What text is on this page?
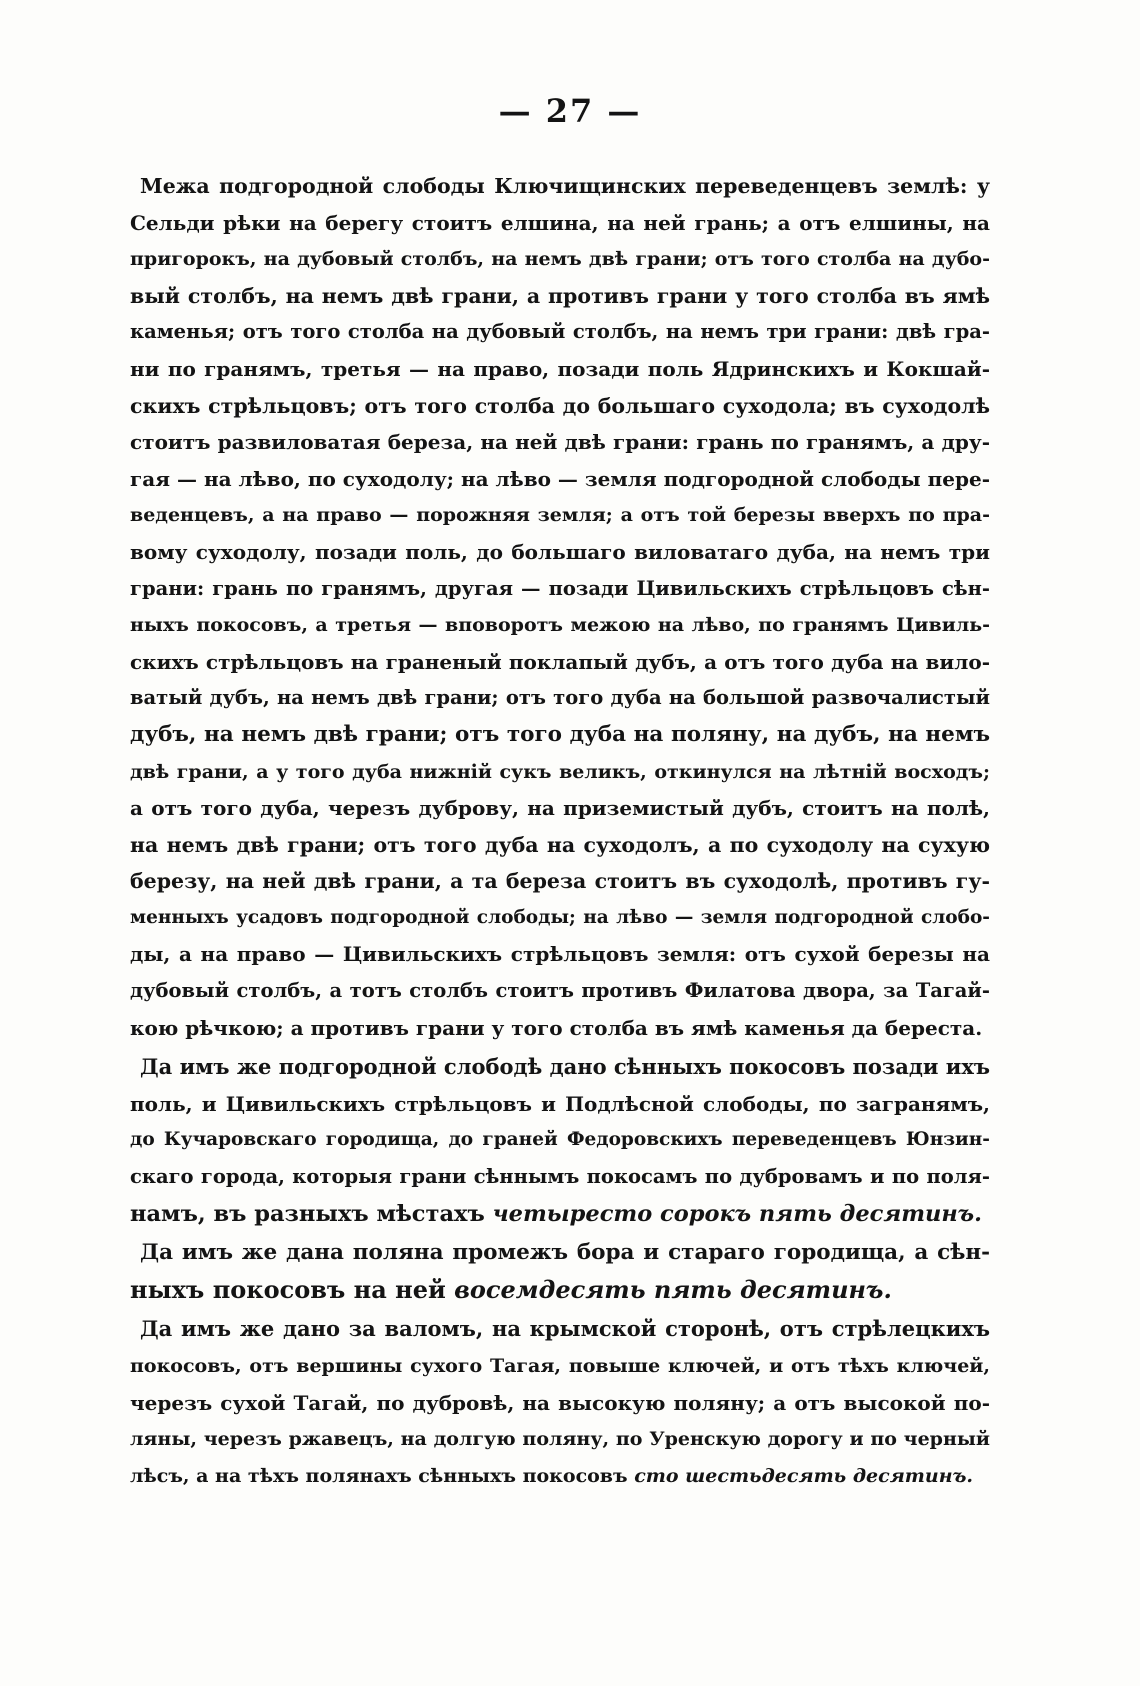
— 27 —
Межа подгородной слободы Ключищинских переведенцевъ землѣ: у
Сельди рѣки на берегу стоитъ елшина, на ней грань; а отъ елшины, на
пригорокъ, на дубовый столбъ, на немъ двѣ грани; отъ того столба на дубо-
вый столбъ, на немъ двѣ грани, а противъ грани у того столба въ ямѣ
каменья; отъ того столба на дубовый столбъ, на немъ три грани: двѣ гра-
ни по гранямъ, третья — на право, позади поль Ядринскихъ и Кокшай-
скихъ стрѣльцовъ; отъ того столба до большаго суходола; въ суходолѣ
стоитъ развиловатая береза, на ней двѣ грани: грань по гранямъ, а дру-
гая — на лѣво, по суходолу; на лѣво — земля подгородной слободы пере-
веденцевъ, а на право — порожняя земля; а отъ той березы вверхъ по пра-
вому суходолу, позади поль, до большаго виловатаго дуба, на немъ три
грани: грань по гранямъ, другая — позади Цивильскихъ стрѣльцовъ сѣн-
ныхъ покосовъ, а третья — вповоротъ межою на лѣво, по гранямъ Цивиль-
скихъ стрѣльцовъ на граненый поклапый дубъ, а отъ того дуба на вило-
ватый дубъ, на немъ двѣ грани; отъ того дуба на большой развочалистый
дубъ, на немъ двѣ грани; отъ того дуба на поляну, на дубъ, на немъ
двѣ грани, а у того дуба нижній сукъ великъ, откинулся на лѣтній восходъ;
а отъ того дуба, черезъ дуброву, на приземистый дубъ, стоитъ на полѣ,
на немъ двѣ грани; отъ того дуба на суходолъ, а по суходолу на сухую
березу, на ней двѣ грани, а та береза стоитъ въ суходолѣ, противъ гу-
менныхъ усадовъ подгородной слободы; на лѣво — земля подгородной слобо-
ды, а на право — Цивильскихъ стрѣльцовъ земля: отъ сухой березы на
дубовый столбъ, а тотъ столбъ стоитъ противъ Филатова двора, за Тагай-
кою рѣчкою; а противъ грани у того столба въ ямѣ каменья да береста.
Да имъ же подгородной слободѣ дано сѣнныхъ покосовъ позади ихъ
поль, и Цивильскихъ стрѣльцовъ и Подлѣсной слободы, по загранямъ,
до Кучаровскаго городища, до граней Федоровскихъ переведенцевъ Юнзин-
скаго города, которыя грани сѣннымъ покосамъ по дубровамъ и по поля-
намъ, въ разныхъ мѣстахъ четыресто сорокъ пять десятинъ.
Да имъ же дана поляна промежъ бора и стараго городища, а сѣн-
ныхъ покосовъ на ней восемдесять пять десятинъ.
Да имъ же дано за валомъ, на крымской сторонѣ, отъ стрѣлецкихъ
покосовъ, отъ вершины сухого Тагая, повыше ключей, и отъ тѣхъ ключей,
черезъ сухой Тагай, по дубровѣ, на высокую поляну; а отъ высокой по-
ляны, черезъ ржавецъ, на долгую поляну, по Уренскую дорогу и по черный
лѣсъ, а на тѣхъ полянахъ сѣнныхъ покосовъ сто шестьдесять десятинъ.
